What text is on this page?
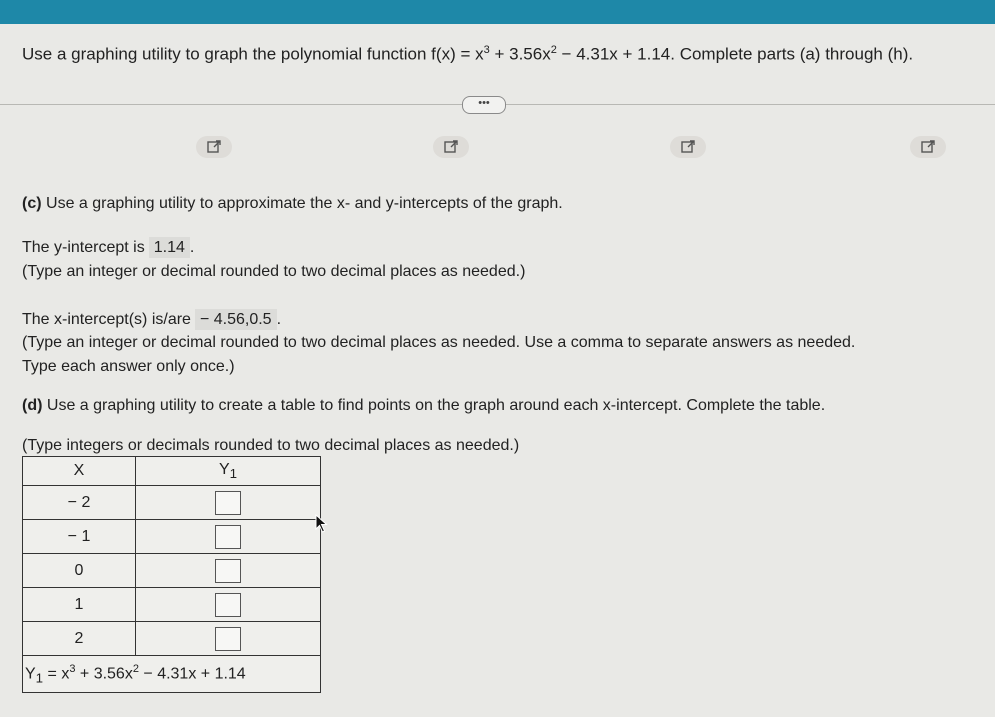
Use a graphing utility to graph the polynomial function $f(x) = x^3 + 3.56x^2 - 4.31x + 1.14$. Complete parts (a) through (h).
•••
(c) Use a graphing utility to approximate the x- and y-intercepts of the graph.
The y-intercept is 1.14 .
(Type an integer or decimal rounded to two decimal places as needed.)
The x-intercept(s) is/are − 4.56,0.5 .
(Type an integer or decimal rounded to two decimal places as needed. Use a comma to separate answers as needed.
Type each answer only once.)
(d) Use a graphing utility to create a table to find points on the graph around each x-intercept. Complete the table.
(Type integers or decimals rounded to two decimal places as needed.)
X	$Y_1$
− 2	
− 1	
0	
1	
2	
$Y_1 = x^3 + 3.56x^2 - 4.31x + 1.14$	
